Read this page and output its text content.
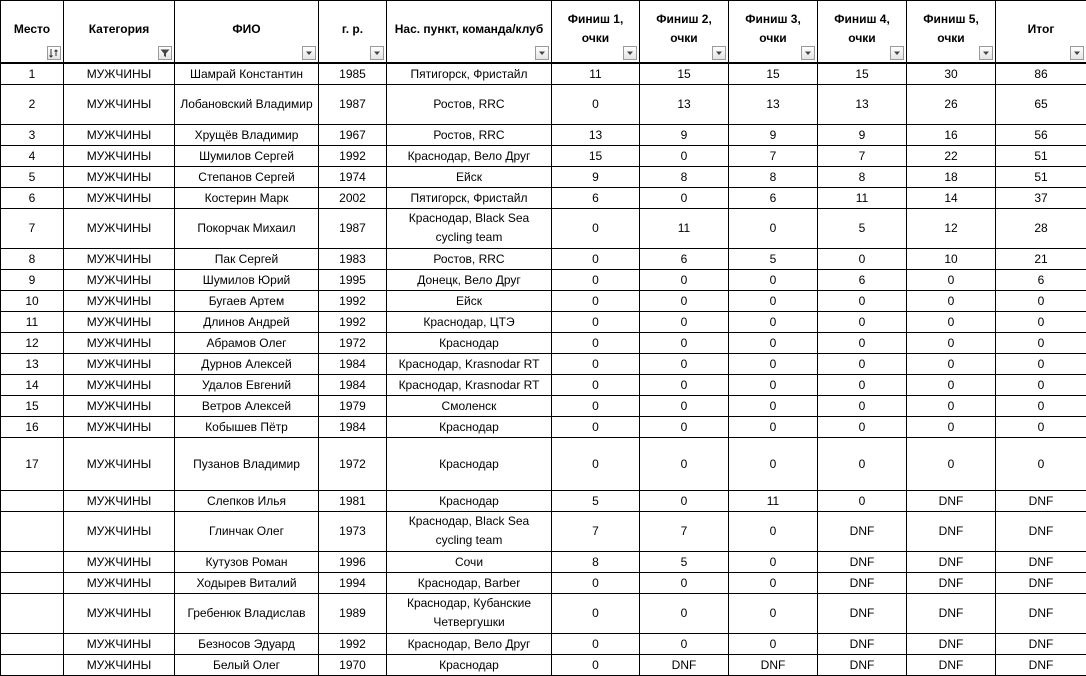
Место	Категория	ФИО	г. р.	Нас. пункт, команда/клуб	Финиш 1, очки	Финиш 2, очки	Финиш 3, очки	Финиш 4, очки	Финиш 5, очки	Итог

1	МУЖЧИНЫ	Шамрай Константин	1985	Пятигорск, Фристайл	11	15	15	15	30	86
2	МУЖЧИНЫ	Лобановский Владимир	1987	Ростов, RRC	0	13	13	13	26	65
3	МУЖЧИНЫ	Хрущёв Владимир	1967	Ростов, RRC	13	9	9	9	16	56
4	МУЖЧИНЫ	Шумилов Сергей	1992	Краснодар, Вело Друг	15	0	7	7	22	51
5	МУЖЧИНЫ	Степанов Сергей	1974	Ейск	9	8	8	8	18	51
6	МУЖЧИНЫ	Костерин Марк	2002	Пятигорск, Фристайл	6	0	6	11	14	37
7	МУЖЧИНЫ	Покорчак Михаил	1987	Краснодар, Black Sea cycling team	0	11	0	5	12	28
8	МУЖЧИНЫ	Пак Сергей	1983	Ростов, RRC	0	6	5	0	10	21
9	МУЖЧИНЫ	Шумилов Юрий	1995	Донецк, Вело Друг	0	0	0	6	0	6
10	МУЖЧИНЫ	Бугаев Артем	1992	Ейск	0	0	0	0	0	0
11	МУЖЧИНЫ	Длинов Андрей	1992	Краснодар, ЦТЭ	0	0	0	0	0	0
12	МУЖЧИНЫ	Абрамов Олег	1972	Краснодар	0	0	0	0	0	0
13	МУЖЧИНЫ	Дурнов Алексей	1984	Краснодар, Krasnodar RT	0	0	0	0	0	0
14	МУЖЧИНЫ	Удалов Евгений	1984	Краснодар, Krasnodar RT	0	0	0	0	0	0
15	МУЖЧИНЫ	Ветров Алексей	1979	Смоленск	0	0	0	0	0	0
16	МУЖЧИНЫ	Кобышев Пётр	1984	Краснодар	0	0	0	0	0	0
17	МУЖЧИНЫ	Пузанов Владимир	1972	Краснодар	0	0	0	0	0	0
	МУЖЧИНЫ	Слепков Илья	1981	Краснодар	5	0	11	0	DNF	DNF
	МУЖЧИНЫ	Глинчак Олег	1973	Краснодар, Black Sea cycling team	7	7	0	DNF	DNF	DNF
	МУЖЧИНЫ	Кутузов Роман	1996	Сочи	8	5	0	DNF	DNF	DNF
	МУЖЧИНЫ	Ходырев Виталий	1994	Краснодар, Barber	0	0	0	DNF	DNF	DNF
	МУЖЧИНЫ	Гребенюк Владислав	1989	Краснодар, Кубанские Четвергушки	0	0	0	DNF	DNF	DNF
	МУЖЧИНЫ	Безносов Эдуард	1992	Краснодар, Вело Друг	0	0	0	DNF	DNF	DNF
	МУЖЧИНЫ	Белый Олег	1970	Краснодар	0	DNF	DNF	DNF	DNF	DNF
